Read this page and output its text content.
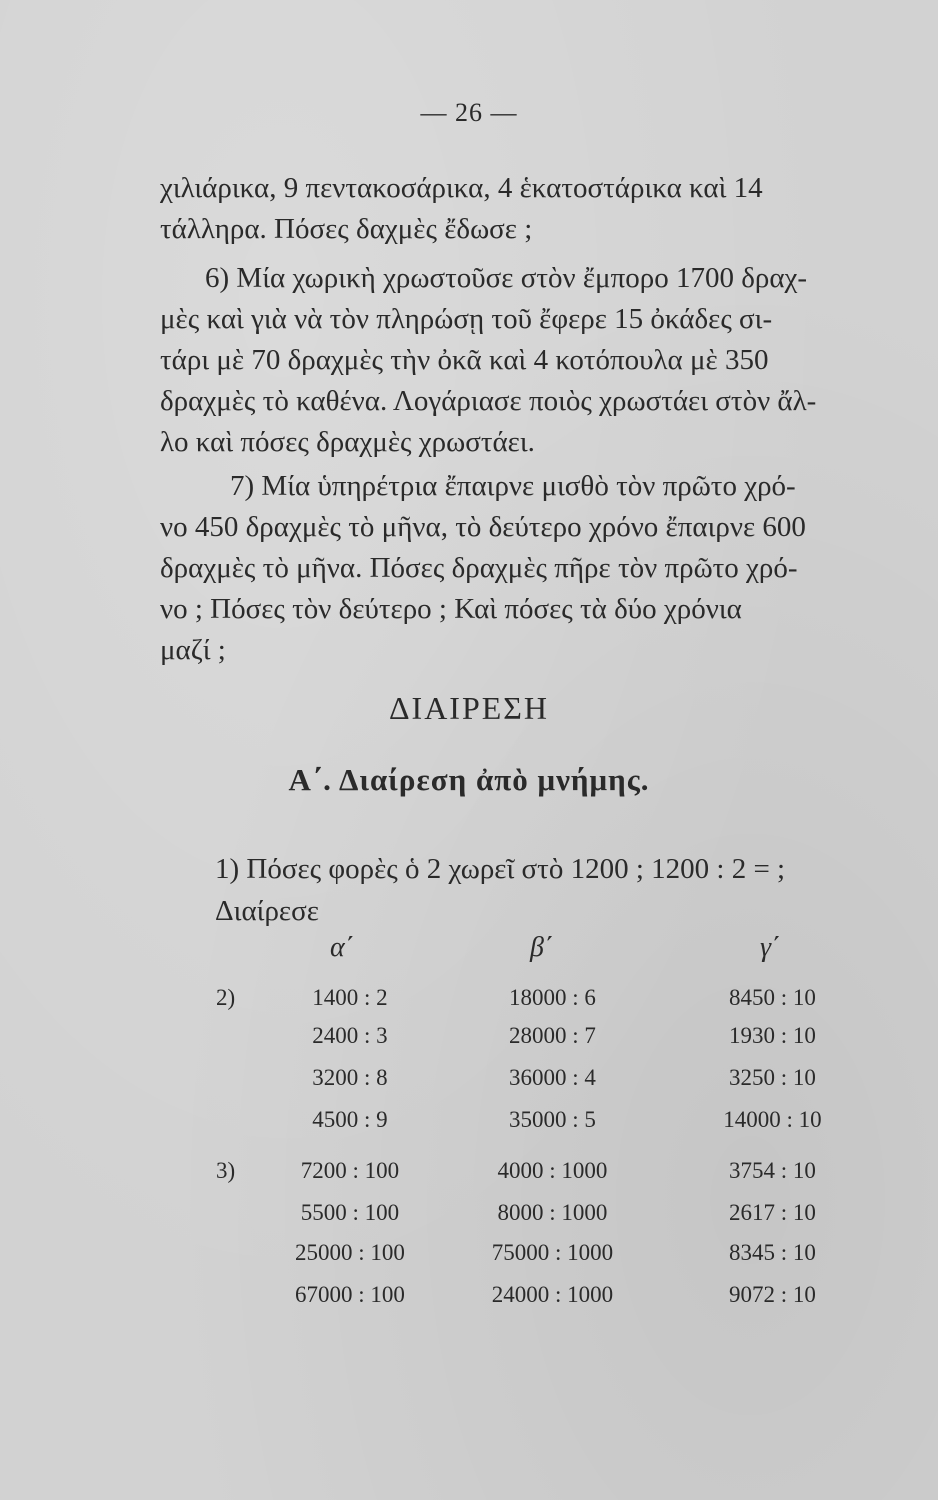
— 26 —
χιλιάρικα, 9 πεντακοσάρικα, 4 ἑκατοστάρικα καὶ 14
τάλληρα. Πόσες δαχμὲς ἔδωσε ;
6) Μία χωρικὴ χρωστοῦσε στὸν ἔμπορο 1700 δραχ-
μὲς καὶ γιὰ νὰ τὸν πληρώσῃ τοῦ ἔφερε 15 ὀκάδες σι-
τάρι μὲ 70 δραχμὲς τὴν ὀκᾶ καὶ 4 κοτόπουλα μὲ 350
δραχμὲς τὸ καθένα. Λογάριασε ποιὸς χρωστάει στὸν ἄλ-
λο καὶ πόσες δραχμὲς χρωστάει.
7) Μία ὑπηρέτρια ἔπαιρνε μισθὸ τὸν πρῶτο χρό-
νο 450 δραχμὲς τὸ μῆνα, τὸ δεύτερο χρόνο ἔπαιρνε 600
δραχμὲς τὸ μῆνα. Πόσες δραχμὲς πῆρε τὸν πρῶτο χρό-
νο ; Πόσες τὸν δεύτερο ; Καὶ πόσες τὰ δύο χρόνια
μαζί ;
ΔΙΑΙΡΕΣΗ
Α΄. Διαίρεση ἀπὸ μνήμης.
1) Πόσες φορὲς ὁ 2 χωρεῖ στὸ 1200 ; 1200 : 2 = ;
Διαίρεσε
α΄	β΄	γ΄
2)	1400 : 2	18000 : 6	8450 : 10
2400 : 3	28000 : 7	1930 : 10
3200 : 8	36000 : 4	3250 : 10
4500 : 9	35000 : 5	14000 : 10
3)	7200 : 100	4000 : 1000	3754 : 10
5500 : 100	8000 : 1000	2617 : 10
25000 : 100	75000 : 1000	8345 : 10
67000 : 100	24000 : 1000	9072 : 10
